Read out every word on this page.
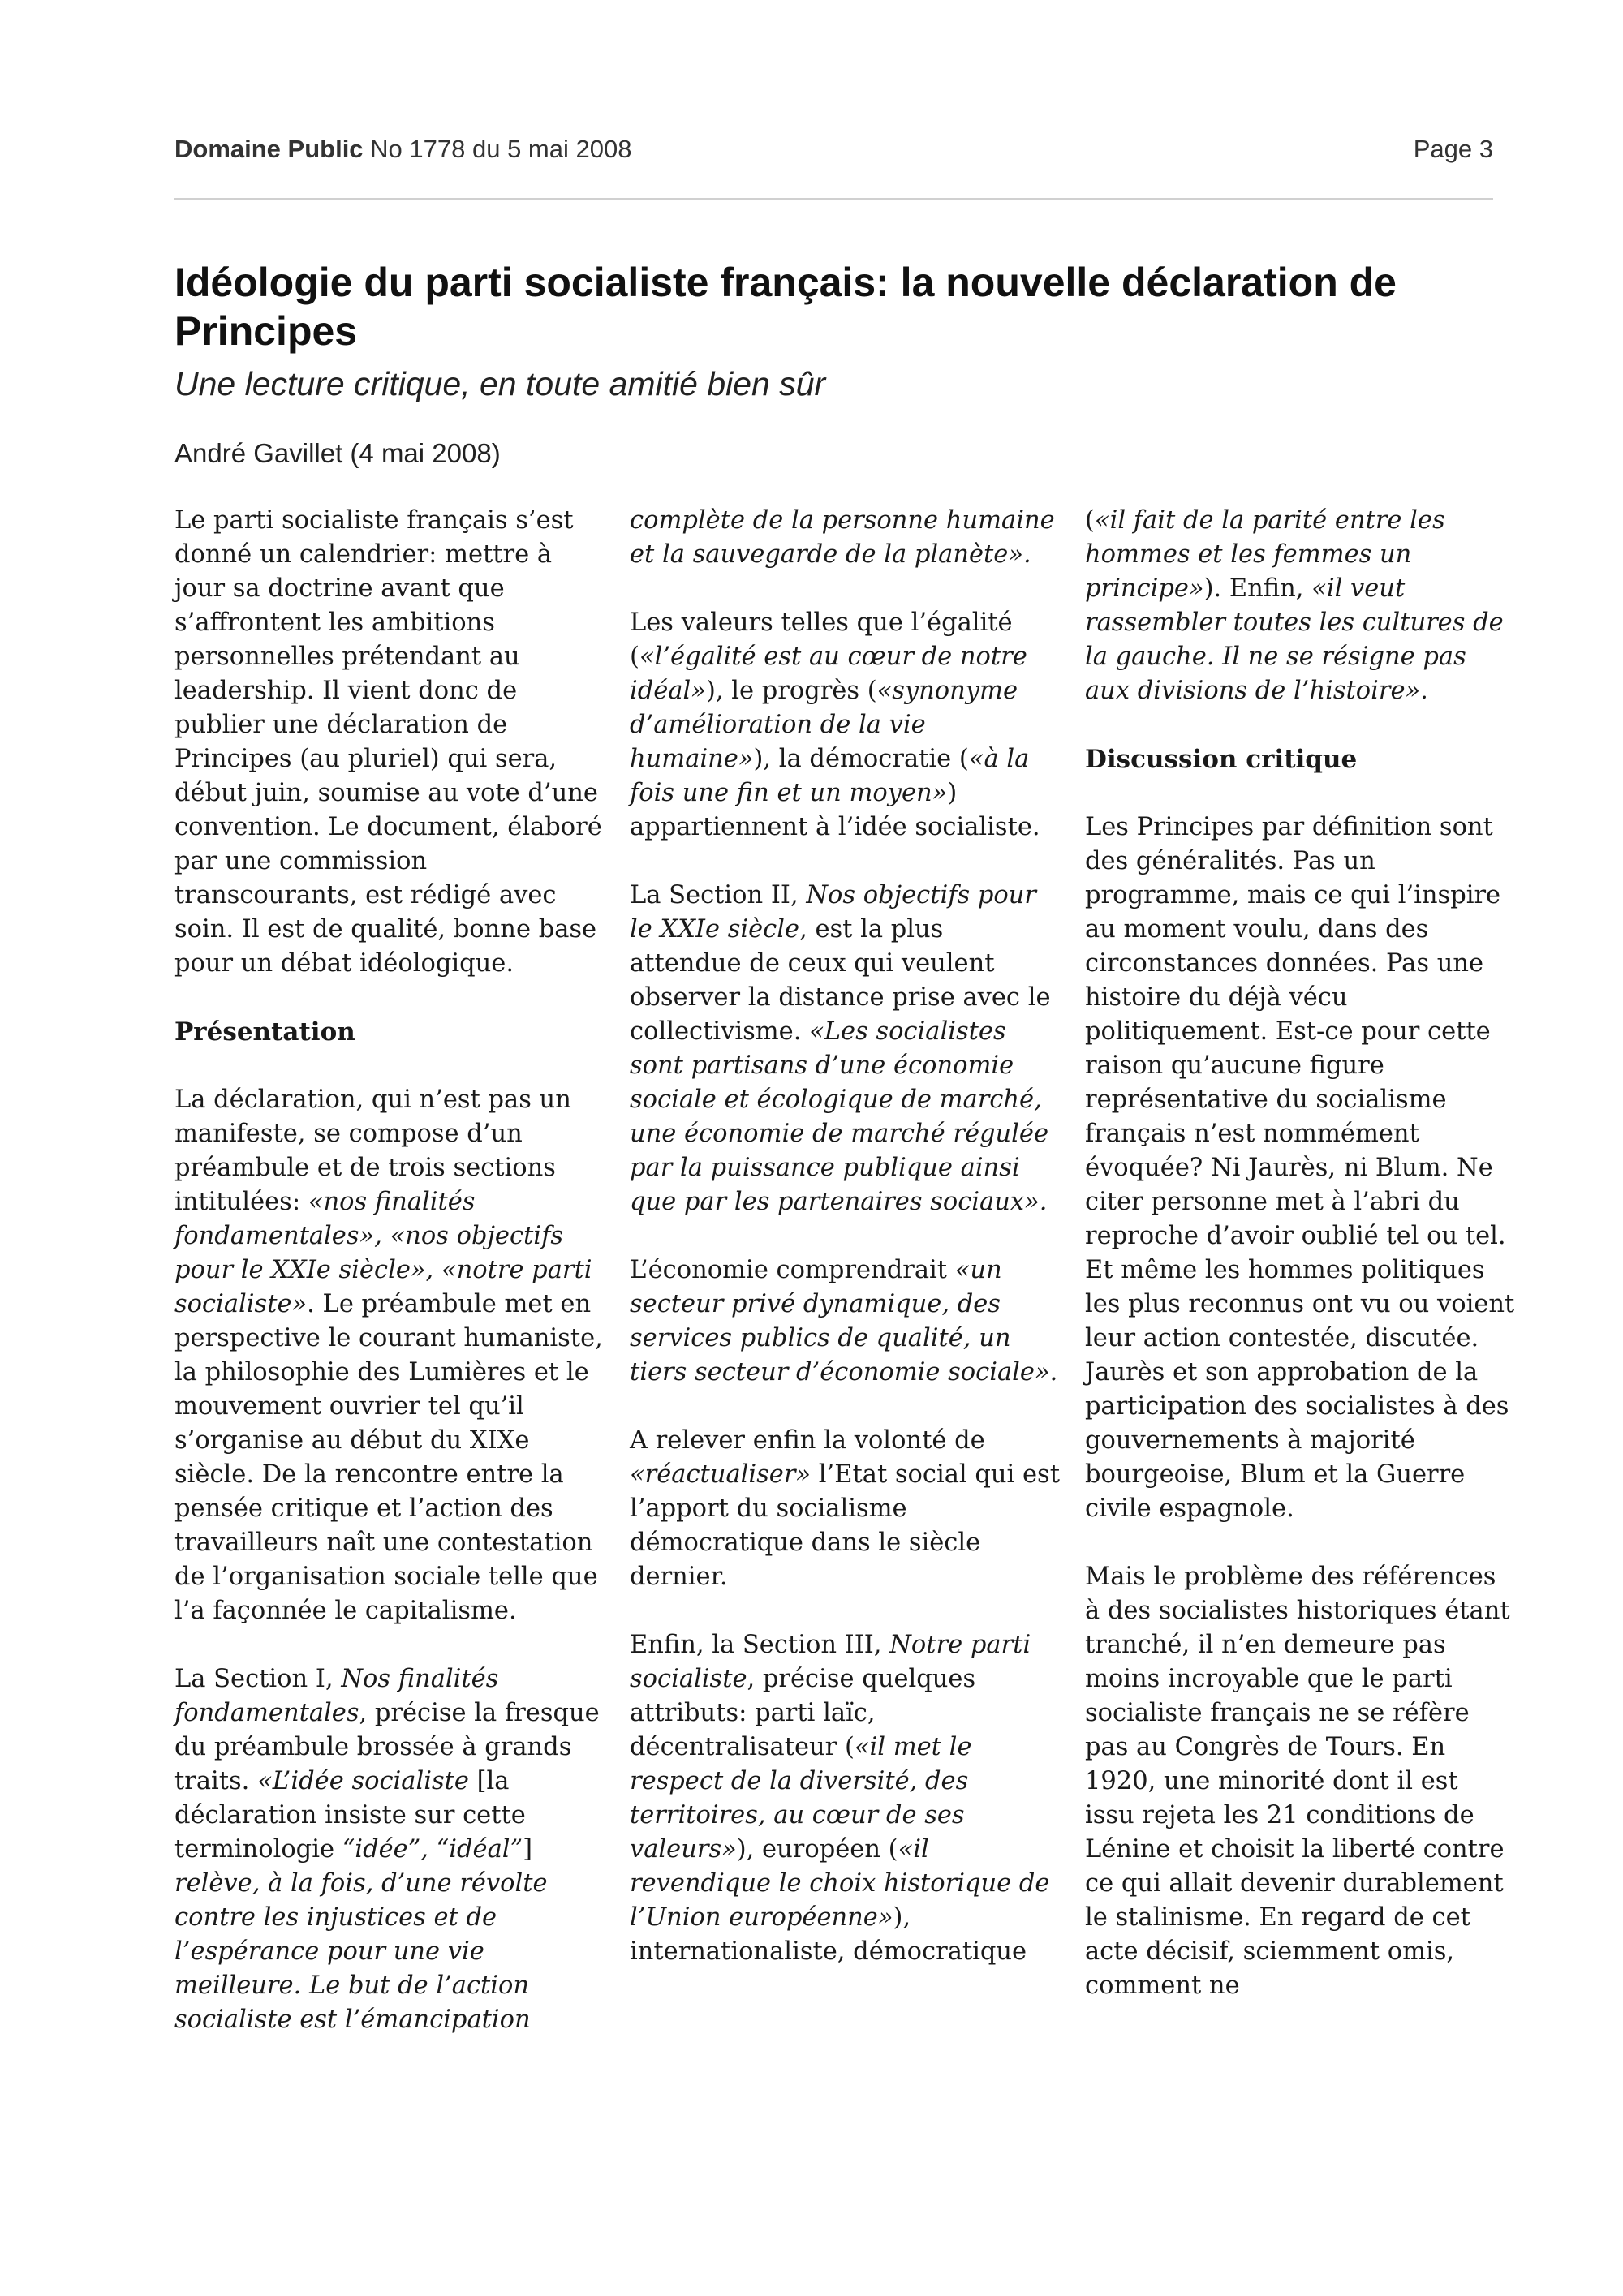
Domaine Public No 1778 du 5 mai 2008	Page 3
Idéologie du parti socialiste français: la nouvelle déclaration de Principes
Une lecture critique, en toute amitié bien sûr
André Gavillet (4 mai 2008)

Le parti socialiste français s’est donné un calendrier: mettre à jour sa doctrine avant que s’affrontent les ambitions personnelles prétendant au leadership. Il vient donc de publier une déclaration de Principes (au pluriel) qui sera, début juin, soumise au vote d’une convention. Le document, élaboré par une commission transcourants, est rédigé avec soin. Il est de qualité, bonne base pour un débat idéologique.

Présentation

La déclaration, qui n’est pas un manifeste, se compose d’un préambule et de trois sections intitulées: «nos finalités fondamentales», «nos objectifs pour le XXIe siècle», «notre parti socialiste». Le préambule met en perspective le courant humaniste, la philosophie des Lumières et le mouvement ouvrier tel qu’il s’organise au début du XIXe siècle. De la rencontre entre la pensée critique et l’action des travailleurs naît une contestation de l’organisation sociale telle que l’a façonnée le capitalisme.

La Section I, Nos finalités fondamentales, précise la fresque du préambule brossée à grands traits. «L’idée socialiste [la déclaration insiste sur cette terminologie “idée”, “idéal”] relève, à la fois, d’une révolte contre les injustices et de l’espérance pour une vie meilleure. Le but de l’action socialiste est l’émancipation

complète de la personne humaine et la sauvegarde de la planète».

Les valeurs telles que l’égalité («l’égalité est au cœur de notre idéal»), le progrès («synonyme d’amélioration de la vie humaine»), la démocratie («à la fois une fin et un moyen») appartiennent à l’idée socialiste.

La Section II, Nos objectifs pour le XXIe siècle, est la plus attendue de ceux qui veulent observer la distance prise avec le collectivisme. «Les socialistes sont partisans d’une économie sociale et écologique de marché, une économie de marché régulée par la puissance publique ainsi que par les partenaires sociaux».

L’économie comprendrait «un secteur privé dynamique, des services publics de qualité, un tiers secteur d’économie sociale».

A relever enfin la volonté de «réactualiser» l’Etat social qui est l’apport du socialisme démocratique dans le siècle dernier.

Enfin, la Section III, Notre parti socialiste, précise quelques attributs: parti laïc, décentralisateur («il met le respect de la diversité, des territoires, au cœur de ses valeurs»), européen («il revendique le choix historique de l’Union européenne»), internationaliste, démocratique

(«il fait de la parité entre les hommes et les femmes un principe»). Enfin, «il veut rassembler toutes les cultures de la gauche. Il ne se résigne pas aux divisions de l’histoire».

Discussion critique

Les Principes par définition sont des généralités. Pas un programme, mais ce qui l’inspire au moment voulu, dans des circonstances données. Pas une histoire du déjà vécu politiquement. Est-ce pour cette raison qu’aucune figure représentative du socialisme français n’est nommément évoquée? Ni Jaurès, ni Blum. Ne citer personne met à l’abri du reproche d’avoir oublié tel ou tel. Et même les hommes politiques les plus reconnus ont vu ou voient leur action contestée, discutée. Jaurès et son approbation de la participation des socialistes à des gouvernements à majorité bourgeoise, Blum et la Guerre civile espagnole.

Mais le problème des références à des socialistes historiques étant tranché, il n’en demeure pas moins incroyable que le parti socialiste français ne se réfère pas au Congrès de Tours. En 1920, une minorité dont il est issu rejeta les 21 conditions de Lénine et choisit la liberté contre ce qui allait devenir durablement le stalinisme. En regard de cet acte décisif, sciemment omis, comment ne
